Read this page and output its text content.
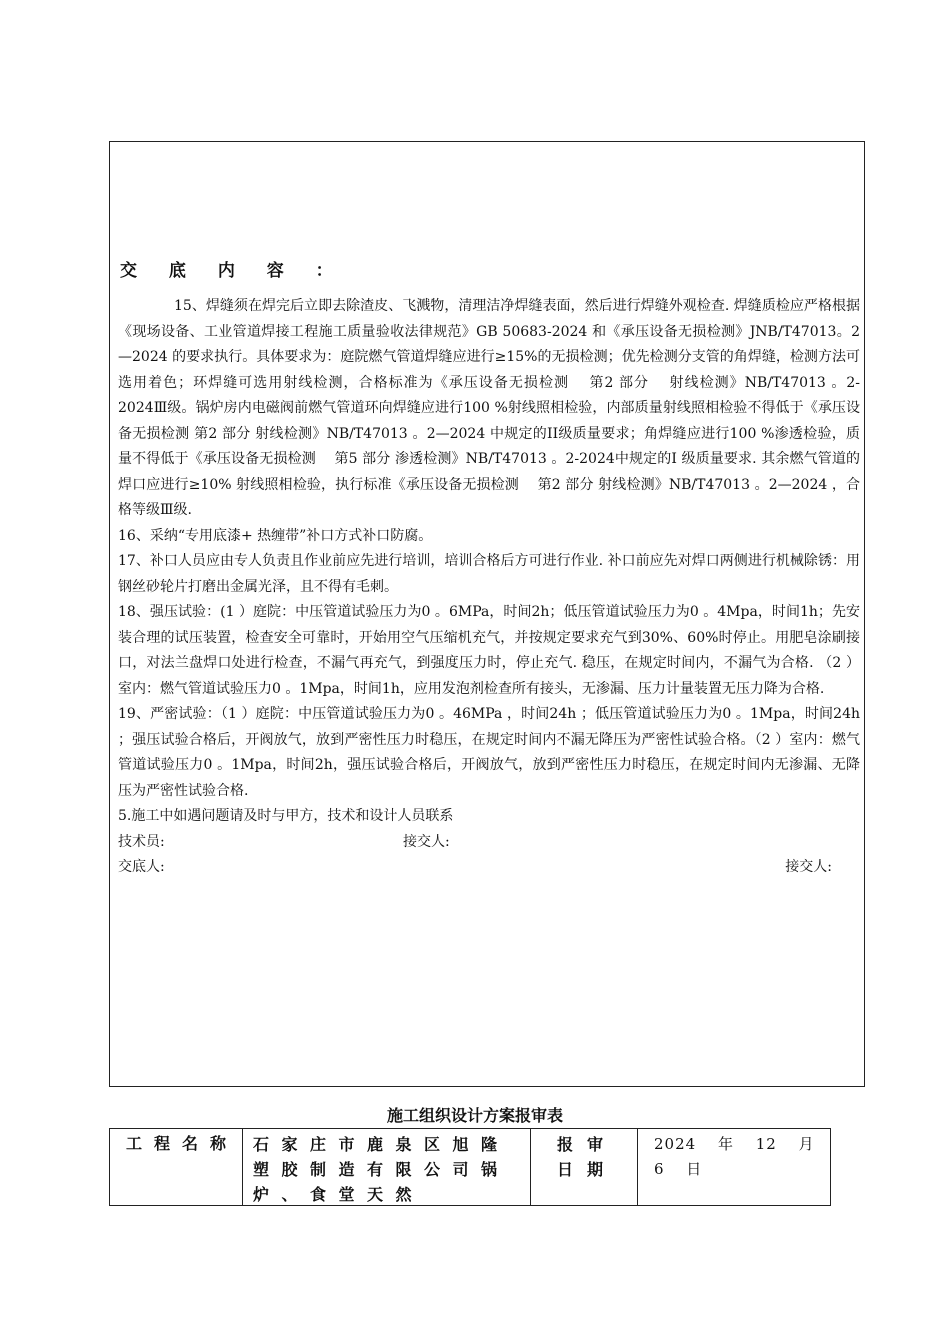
交 底 内 容 ：

15、焊缝须在焊完后立即去除渣皮、飞溅物，清理洁净焊缝表面，然后进行焊缝外观检查. 焊缝质检应严格根据《现场设备、工业管道焊接工程施工质量验收法律规范》GB 50683-2024 和《承压设备无损检测》JNB/T47013。2—2024 的要求执行。具体要求为：庭院燃气管道焊缝应进行≥15%的无损检测；优先检测分支管的角焊缝，检测方法可选用着色；环焊缝可选用射线检测，合格标准为《承压设备无损检测 　第2 部分 　射线检测》NB/T47013 。2-2024Ⅲ级。锅炉房内电磁阀前燃气管道环向焊缝应进行100 %射线照相检验，内部质量射线照相检验不得低于《承压设备无损检测 第2 部分 射线检测》NB/T47013 。2—2024 中规定的II级质量要求；角焊缝应进行100 %渗透检验，质量不得低于《承压设备无损检测 　第5 部分 渗透检测》NB/T47013 。2-2024中规定的I 级质量要求. 其余燃气管道的焊口应进行≥10% 射线照相检验，执行标准《承压设备无损检测 　第2 部分 射线检测》NB/T47013 。2—2024 ，合格等级Ⅲ级.

16、采纳“专用底漆+ 热缠带”补口方式补口防腐。

17、补口人员应由专人负责且作业前应先进行培训，培训合格后方可进行作业. 补口前应先对焊口两侧进行机械除锈：用钢丝砂轮片打磨出金属光泽，且不得有毛刺。

18、强压试验：(1 ）庭院：中压管道试验压力为0 。6MPa，时间2h；低压管道试验压力为0 。4Mpa，时间1h；先安装合理的试压装置，检查安全可靠时，开始用空气压缩机充气，并按规定要求充气到30%、60%时停止。用肥皂涂刷接口，对法兰盘焊口处进行检查，不漏气再充气，到强度压力时，停止充气. 稳压，在规定时间内，不漏气为合格. （2 ）室内：燃气管道试验压力0 。1Mpa，时间1h，应用发泡剂检查所有接头，无渗漏、压力计量装置无压力降为合格.

19、严密试验：（1 ）庭院：中压管道试验压力为0 。46MPa ，时间24h ；低压管道试验压力为0 。1Mpa，时间24h ；强压试验合格后，开阀放气，放到严密性压力时稳压，在规定时间内不漏无降压为严密性试验合格。（2 ）室内：燃气管道试验压力0 。1Mpa，时间2h，强压试验合格后，开阀放气，放到严密性压力时稳压，在规定时间内无渗漏、无降压为严密性试验合格.

5.施工中如遇问题请及时与甲方，技术和设计人员联系

技术员:	接交人:
交底人:	接交人:
施工组织设计方案报审表
工程名称 石家庄市鹿泉区旭隆塑胶制造有限公司锅炉、食堂天然
报审日期
2024 年 12 月 6 日
